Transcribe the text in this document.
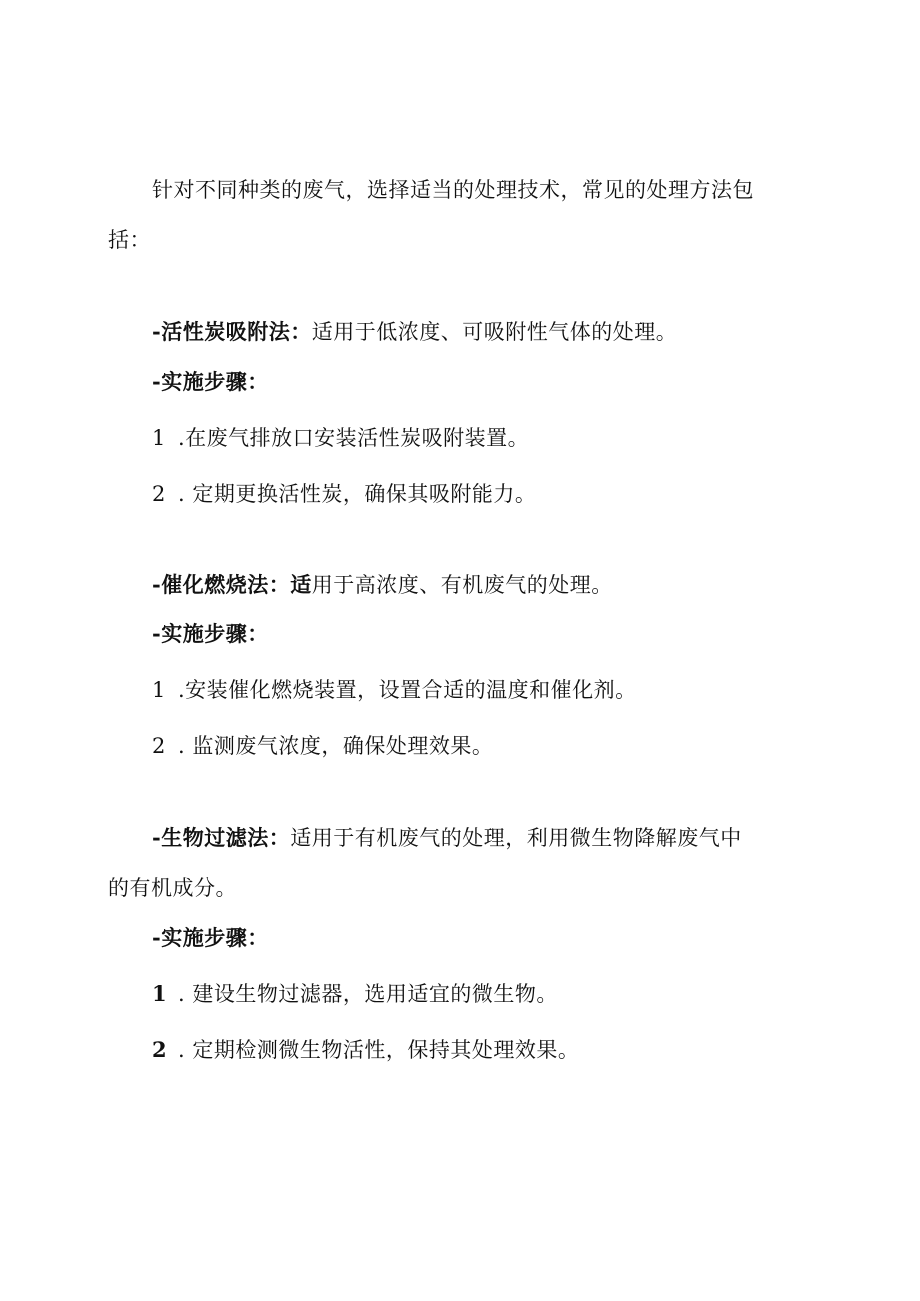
针对不同种类的废气，选择适当的处理技术，常见的处理方法包
括：
-活性炭吸附法：适用于低浓度、可吸附性气体的处理。
-实施步骤：
1 .在废气排放口安装活性炭吸附装置。
2 . 定期更换活性炭，确保其吸附能力。
-催化燃烧法：适用于高浓度、有机废气的处理。
-实施步骤：
1 .安装催化燃烧装置，设置合适的温度和催化剂。
2 . 监测废气浓度，确保处理效果。
-生物过滤法：适用于有机废气的处理，利用微生物降解废气中
的有机成分。
-实施步骤：
1 . 建设生物过滤器，选用适宜的微生物。
2 . 定期检测微生物活性，保持其处理效果。
